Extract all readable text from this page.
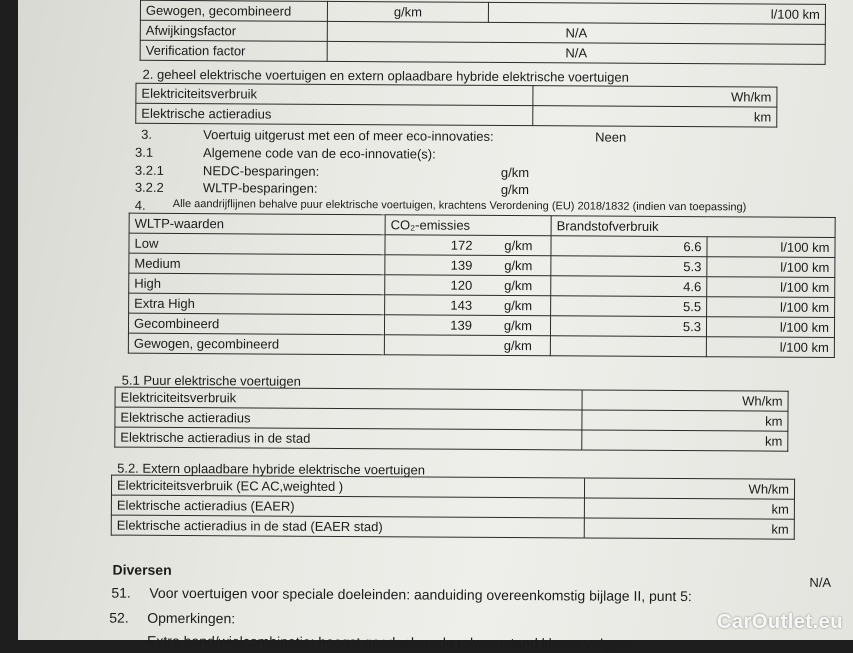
Gewogen, gecombineerd	g/km	l/100 km
Afwijkingsfactor	N/A	
Verification factor	N/A	
2. geheel elektrische voertuigen en extern oplaadbare hybride elektrische voertuigen
Elektriciteitsverbruik	Wh/km
Elektrische actieradius	km
3.	Voertuig uitgerust met een of meer eco-innovaties:	Neen
3.1	Algemene code van de eco-innovatie(s):
3.2.1	NEDC-besparingen:	g/km
3.2.2	WLTP-besparingen:	g/km
4. Alle aandrijflijnen behalve puur elektrische voertuigen, krachtens Verordening (EU) 2018/1832 (indien van toepassing)
WLTP-waarden	CO₂-emissies	Brandstofverbruik	
Low	172 g/km	6.6	l/100 km
Medium	139 g/km	5.3	l/100 km
High	120 g/km	4.6	l/100 km
Extra High	143 g/km	5.5	l/100 km
Gecombineerd	139 g/km	5.3	l/100 km
Gewogen, gecombineerd	g/km		l/100 km
5.1 Puur elektrische voertuigen
Elektriciteitsverbruik	Wh/km
Elektrische actieradius	km
Elektrische actieradius in de stad	km
5.2. Extern oplaadbare hybride elektrische voertuigen
Elektriciteitsverbruik (EC AC,weighted )	Wh/km
Elektrische actieradius (EAER)	km
Elektrische actieradius in de stad (EAER stad)	km
Diversen
51. Voor voertuigen voor speciale doeleinden: aanduiding overeenkomstig bijlage II, punt 5:
N/A
52. Opmerkingen:
Extra band/wielcombinatie: hoogst goedgekeurde rolweerstand klasse volgens
CarOutlet.eu
